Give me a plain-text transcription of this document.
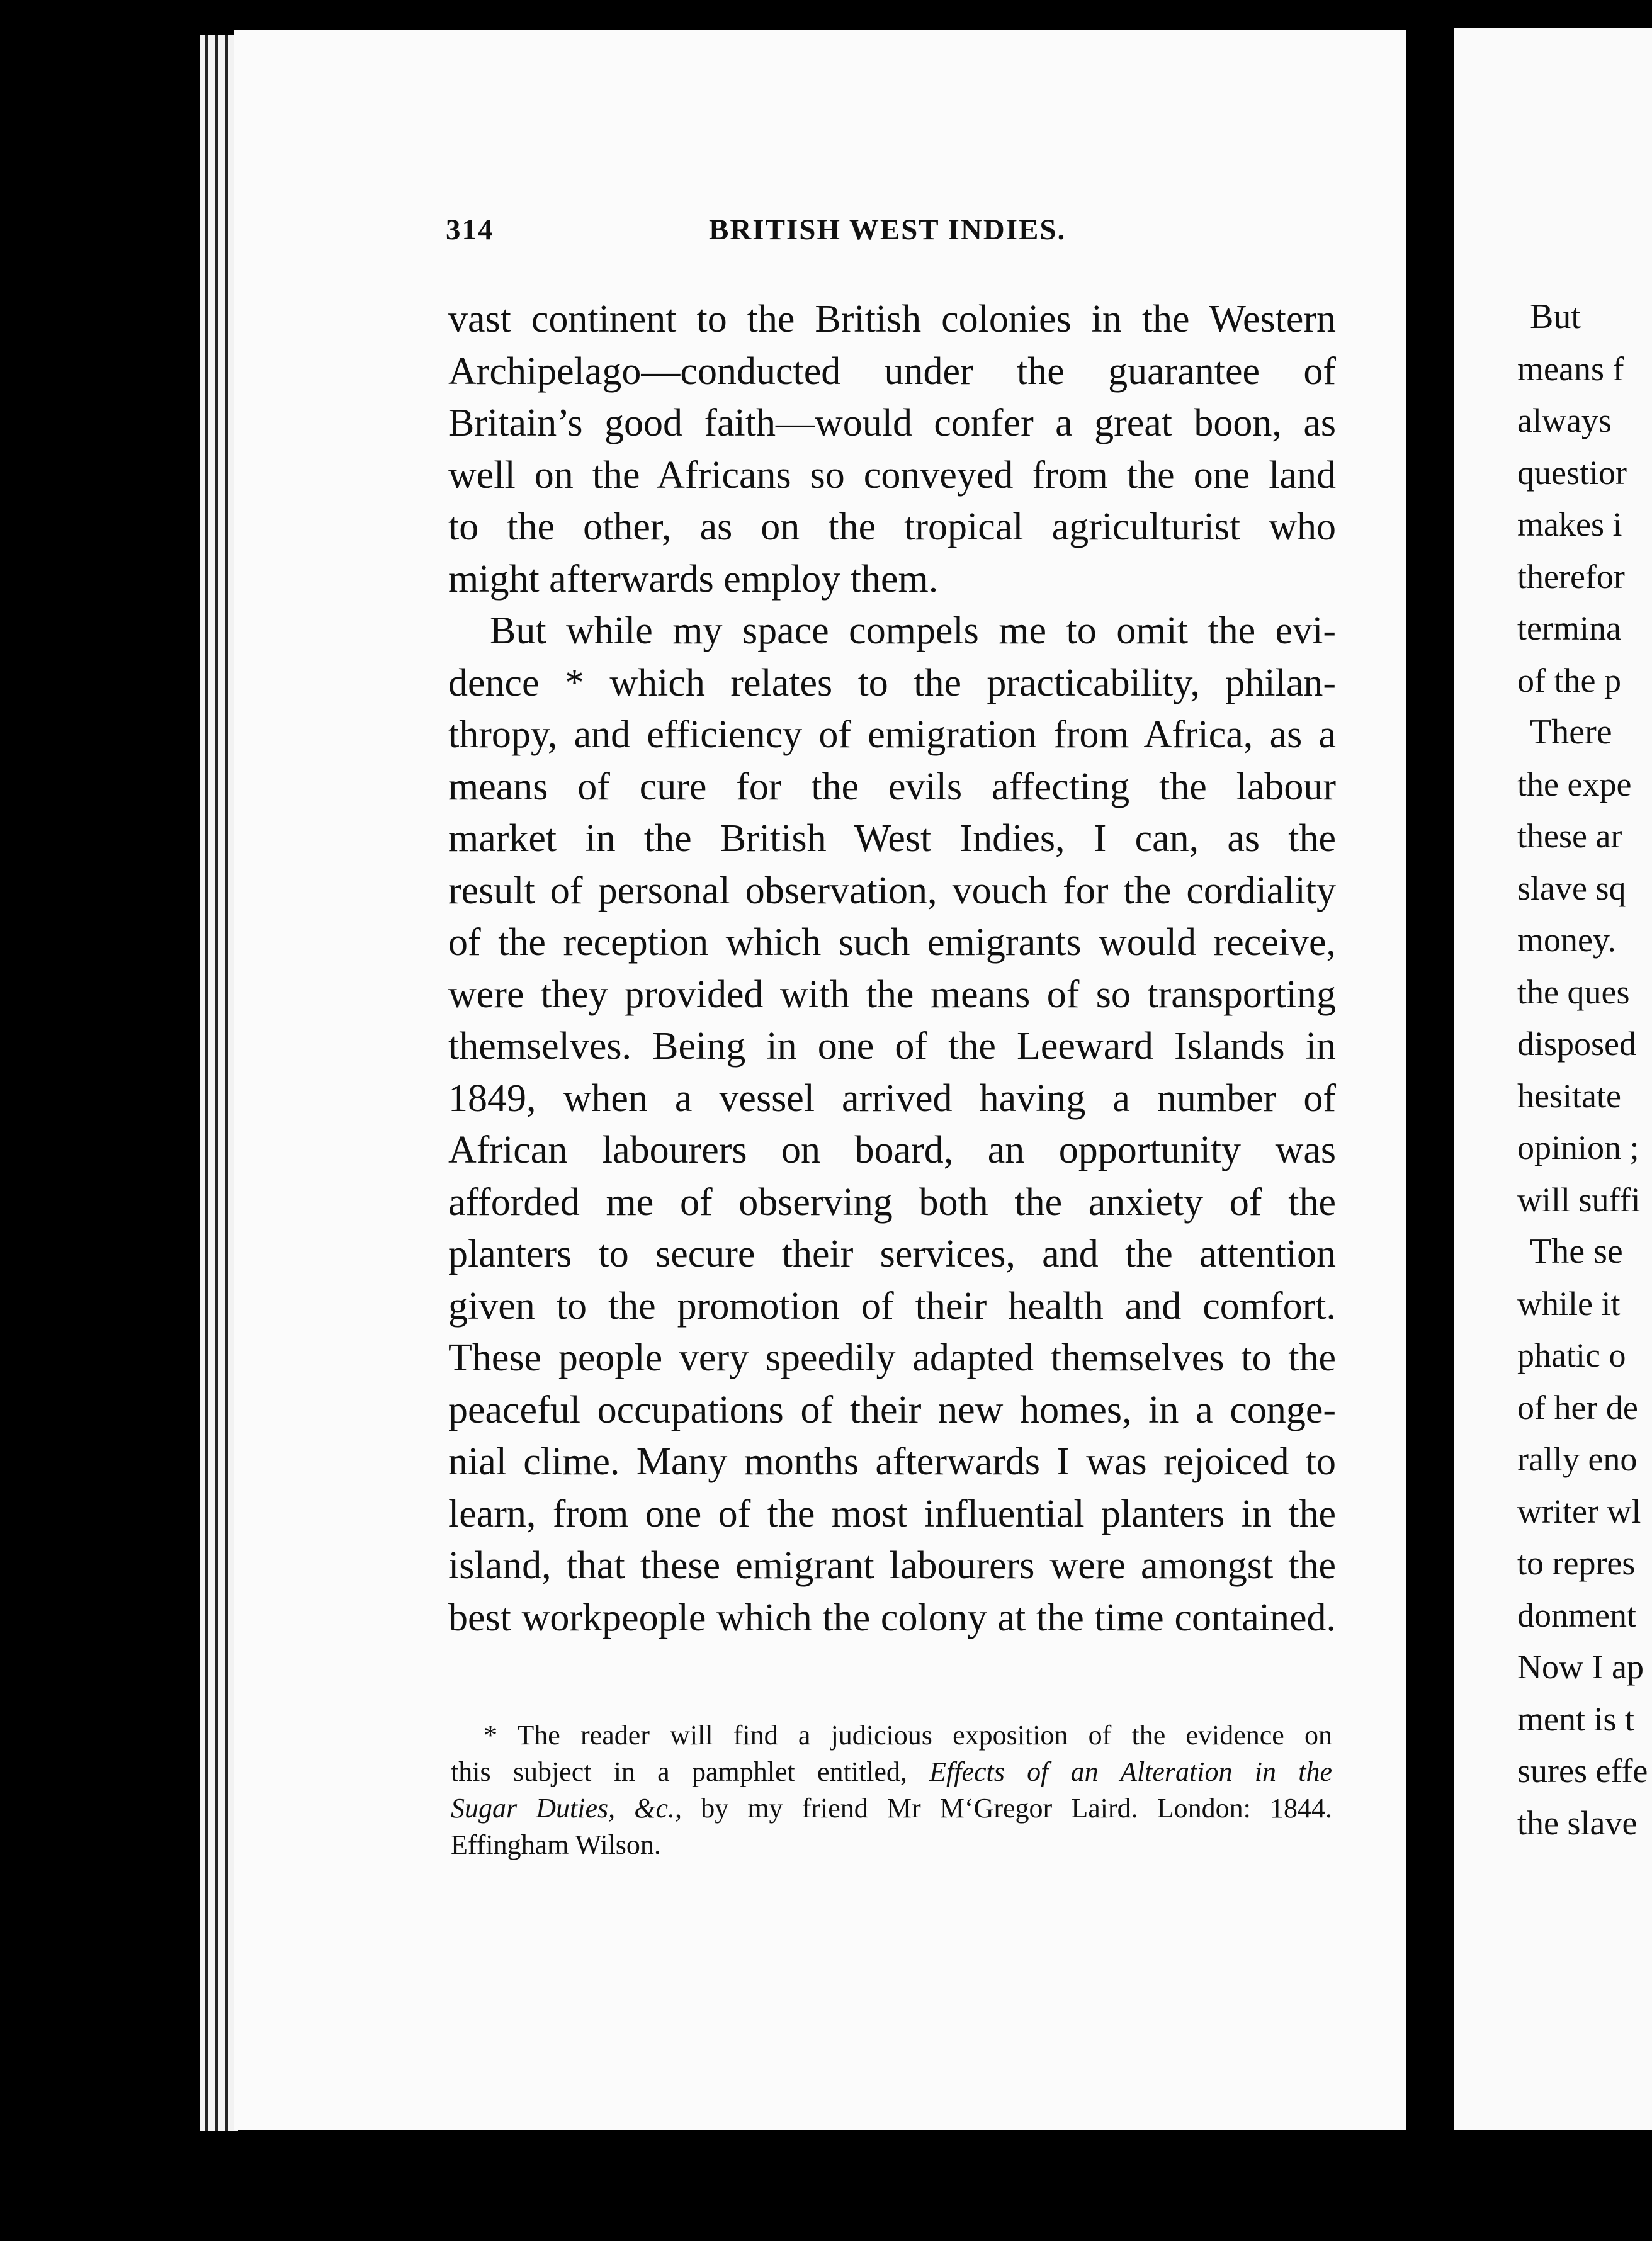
314	BRITISH WEST INDIES.
vast continent to the British colonies in the Western
Archipelago—conducted under the guarantee of
Britain’s good faith—would confer a great boon, as
well on the Africans so conveyed from the one land
to the other, as on the tropical agriculturist who
might afterwards employ them.
But while my space compels me to omit the evi-
dence * which relates to the practicability, philan-
thropy, and efficiency of emigration from Africa, as a
means of cure for the evils affecting the labour
market in the British West Indies, I can, as the
result of personal observation, vouch for the cordiality
of the reception which such emigrants would receive,
were they provided with the means of so transporting
themselves. Being in one of the Leeward Islands in
1849, when a vessel arrived having a number of
African labourers on board, an opportunity was
afforded me of observing both the anxiety of the
planters to secure their services, and the attention
given to the promotion of their health and comfort.
These people very speedily adapted themselves to the
peaceful occupations of their new homes, in a conge-
nial clime. Many months afterwards I was rejoiced to
learn, from one of the most influential planters in the
island, that these emigrant labourers were amongst the
best workpeople which the colony at the time contained.
* The reader will find a judicious exposition of the evidence on
this subject in a pamphlet entitled, Effects of an Alteration in the
Sugar Duties, &c., by my friend Mr M‘Gregor Laird. London: 1844.
Effingham Wilson.
But
means f
always
questior
makes i
therefor
termina
of the p
There
the expe
these ar
slave sq
money.
the ques
disposed
hesitate
opinion ;
will suffi
The se
while it
phatic o
of her de
rally eno
writer wl
to repres
donment
Now I ap
ment is t
sures effe
the slave
